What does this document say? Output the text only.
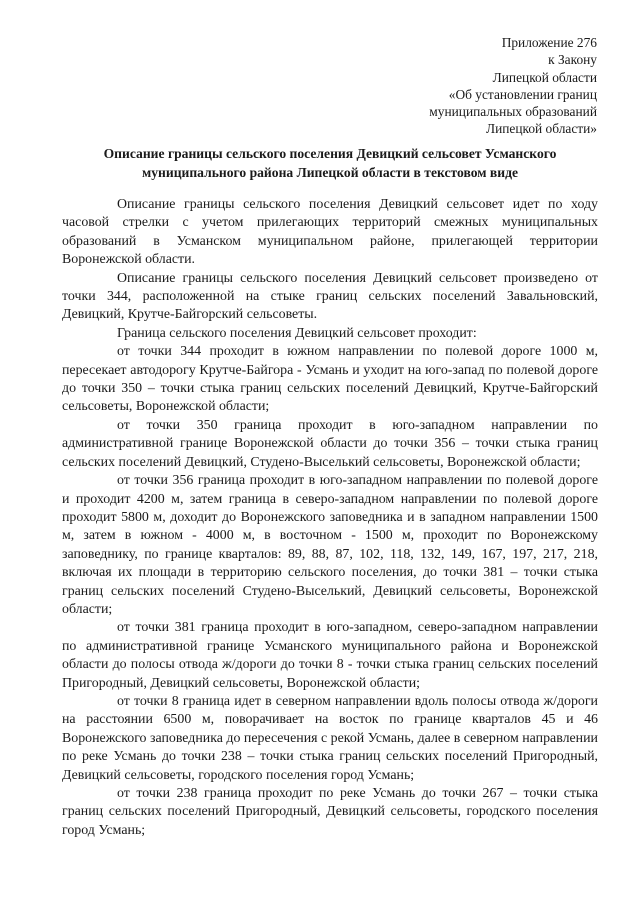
Приложение 276
к Закону
Липецкой области
«Об установлении границ
муниципальных образований
Липецкой области»
Описание границы сельского поселения Девицкий сельсовет Усманского муниципального района Липецкой области в текстовом виде

Описание границы сельского поселения Девицкий сельсовет идет по ходу часовой стрелки с учетом прилегающих территорий смежных муниципальных образований в Усманском муниципальном районе, прилегающей территории Воронежской области.

Описание границы сельского поселения Девицкий сельсовет произведено от точки 344, расположенной на стыке границ сельских поселений Завальновский, Девицкий, Крутче-Байгорский сельсоветы.

Граница сельского поселения Девицкий сельсовет проходит:

от точки 344 проходит в южном направлении по полевой дороге 1000 м, пересекает автодорогу Крутче-Байгора - Усмань и уходит на юго-запад по полевой дороге до точки 350 – точки стыка границ сельских поселений Девицкий, Крутче-Байгорский сельсоветы, Воронежской области;

от точки 350 граница проходит в юго-западном направлении по административной границе Воронежской области до точки 356 – точки стыка границ сельских поселений Девицкий, Студено-Выселький сельсоветы, Воронежской области;

от точки 356 граница проходит в юго-западном направлении по полевой дороге и проходит 4200 м, затем граница в северо-западном направлении по полевой дороге проходит 5800 м, доходит до Воронежского заповедника и в западном направлении 1500 м, затем в южном - 4000 м, в восточном - 1500 м, проходит по Воронежскому заповеднику, по границе кварталов: 89, 88, 87, 102, 118, 132, 149, 167, 197, 217, 218, включая их площади в территорию сельского поселения, до точки 381 – точки стыка границ сельских поселений Студено-Выселький, Девицкий сельсоветы, Воронежской области;

от точки 381 граница проходит в юго-западном, северо-западном направлении по административной границе Усманского муниципального района и Воронежской области до полосы отвода ж/дороги до точки 8 - точки стыка границ сельских поселений Пригородный, Девицкий сельсоветы, Воронежской области;

от точки 8 граница идет в северном направлении вдоль полосы отвода ж/дороги на расстоянии 6500 м, поворачивает на восток по границе кварталов 45 и 46 Воронежского заповедника до пересечения с рекой Усмань, далее в северном направлении по реке Усмань до точки 238 – точки стыка границ сельских поселений Пригородный, Девицкий сельсоветы, городского поселения город Усмань;

от точки 238 граница проходит по реке Усмань до точки 267 – точки стыка границ сельских поселений Пригородный, Девицкий сельсоветы, городского поселения город Усмань;
